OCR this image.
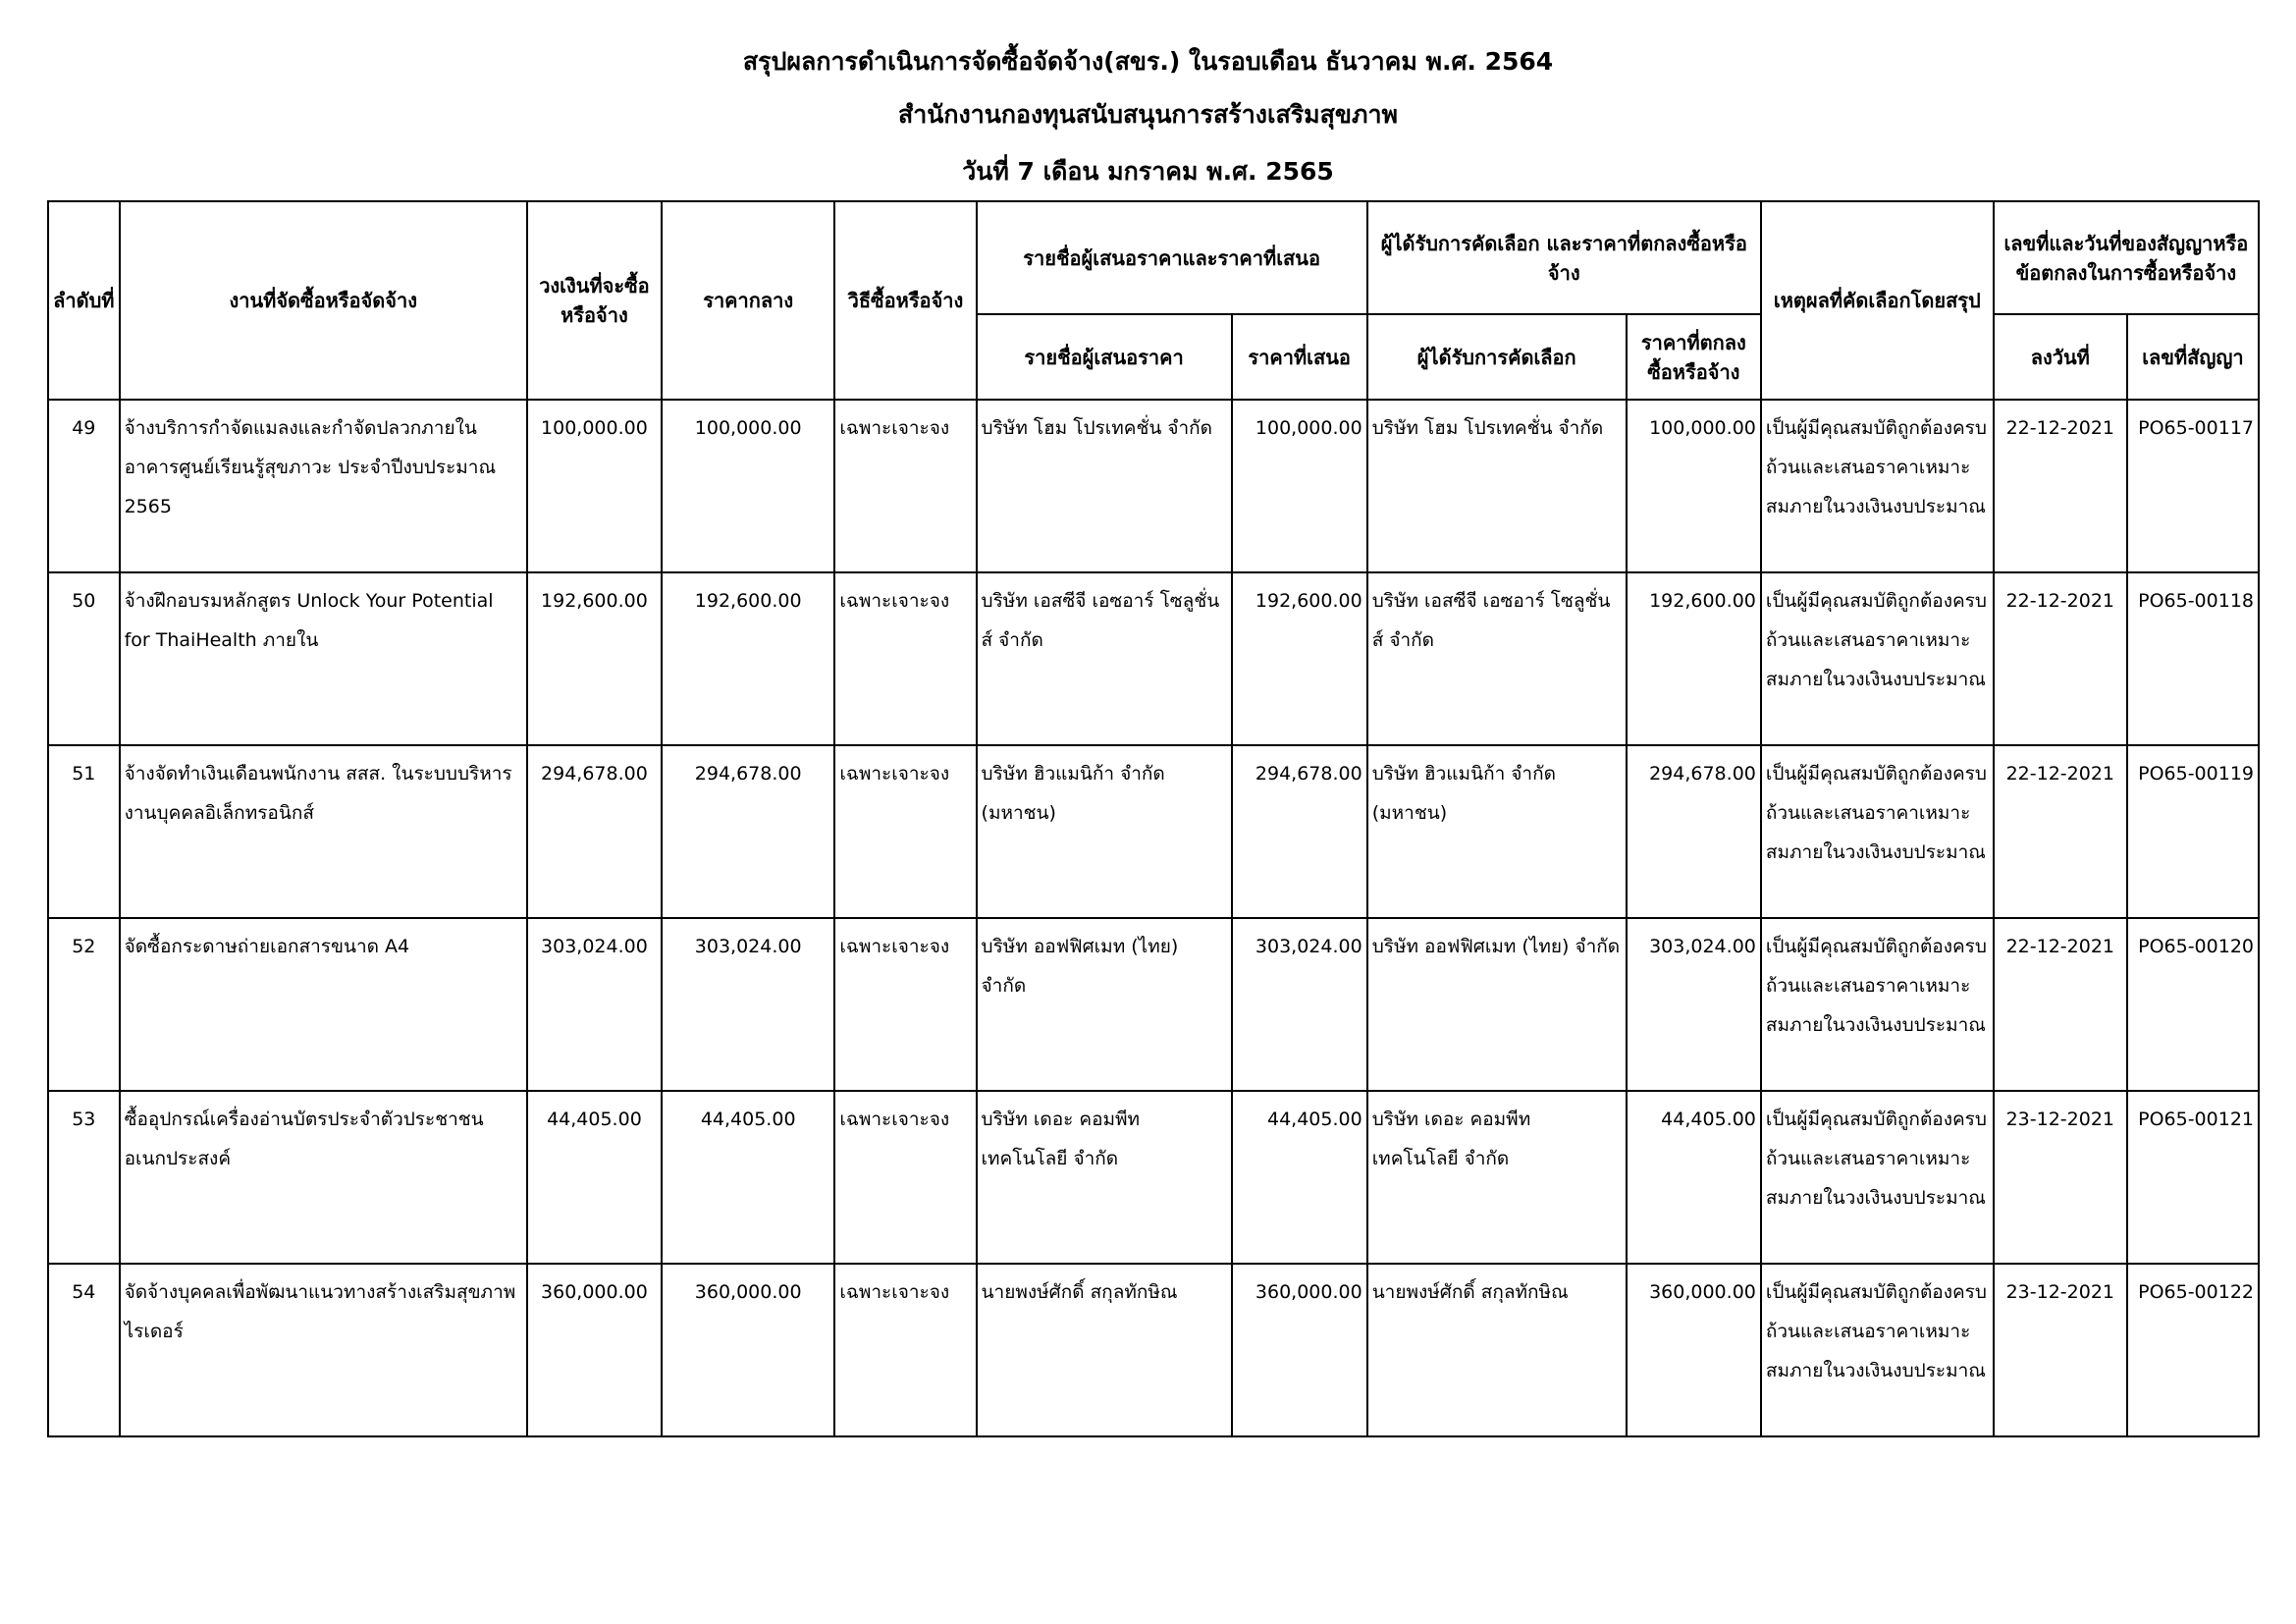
สรุปผลการดำเนินการจัดซื้อจัดจ้าง(สขร.) ในรอบเดือน ธันวาคม พ.ศ. 2564
สำนักงานกองทุนสนับสนุนการสร้างเสริมสุขภาพ
วันที่ 7 เดือน มกราคม พ.ศ. 2565
ลำดับที่	งานที่จัดซื้อหรือจัดจ้าง	วงเงินที่จะซื้อหรือจ้าง	ราคากลาง	วิธีซื้อหรือจ้าง	รายชื่อผู้เสนอราคาและราคาที่เสนอ		ผู้ได้รับการคัดเลือก และราคาที่ตกลงซื้อหรือจ้าง		เหตุผลที่คัดเลือกโดยสรุป	เลขที่และวันที่ของสัญญาหรือข้อตกลงในการซื้อหรือจ้าง	
					รายชื่อผู้เสนอราคา	ราคาที่เสนอ	ผู้ได้รับการคัดเลือก	ราคาที่ตกลงซื้อหรือจ้าง		ลงวันที่	เลขที่สัญญา
49	จ้างบริการกำจัดแมลงและกำจัดปลวกภายในอาคารศูนย์เรียนรู้สุขภาวะ ประจำปีงบประมาณ 2565	100,000.00	100,000.00	เฉพาะเจาะจง	บริษัท โฮม โปรเทคชั่น จำกัด	100,000.00	บริษัท โฮม โปรเทคชั่น จำกัด	100,000.00	เป็นผู้มีคุณสมบัติถูกต้องครบถ้วนและเสนอราคาเหมาะสมภายในวงเงินงบประมาณ	22-12-2021	PO65-00117
50	จ้างฝึกอบรมหลักสูตร Unlock Your Potential for ThaiHealth ภายใน	192,600.00	192,600.00	เฉพาะเจาะจง	บริษัท เอสซีจี เอซอาร์ โซลูชั่นส์ จำกัด	192,600.00	บริษัท เอสซีจี เอซอาร์ โซลูชั่นส์ จำกัด	192,600.00	เป็นผู้มีคุณสมบัติถูกต้องครบถ้วนและเสนอราคาเหมาะสมภายในวงเงินงบประมาณ	22-12-2021	PO65-00118
51	จ้างจัดทำเงินเดือนพนักงาน สสส. ในระบบบริหารงานบุคคลอิเล็กทรอนิกส์	294,678.00	294,678.00	เฉพาะเจาะจง	บริษัท ฮิวแมนิก้า จำกัด (มหาชน)	294,678.00	บริษัท ฮิวแมนิก้า จำกัด (มหาชน)	294,678.00	เป็นผู้มีคุณสมบัติถูกต้องครบถ้วนและเสนอราคาเหมาะสมภายในวงเงินงบประมาณ	22-12-2021	PO65-00119
52	จัดซื้อกระดาษถ่ายเอกสารขนาด A4	303,024.00	303,024.00	เฉพาะเจาะจง	บริษัท ออฟฟิศเมท (ไทย) จำกัด	303,024.00	บริษัท ออฟฟิศเมท (ไทย) จำกัด	303,024.00	เป็นผู้มีคุณสมบัติถูกต้องครบถ้วนและเสนอราคาเหมาะสมภายในวงเงินงบประมาณ	22-12-2021	PO65-00120
53	ซื้ออุปกรณ์เครื่องอ่านบัตรประจำตัวประชาชนอเนกประสงค์	44,405.00	44,405.00	เฉพาะเจาะจง	บริษัท เดอะ คอมพีท เทคโนโลยี จำกัด	44,405.00	บริษัท เดอะ คอมพีท เทคโนโลยี จำกัด	44,405.00	เป็นผู้มีคุณสมบัติถูกต้องครบถ้วนและเสนอราคาเหมาะสมภายในวงเงินงบประมาณ	23-12-2021	PO65-00121
54	จัดจ้างบุคคลเพื่อพัฒนาแนวทางสร้างเสริมสุขภาพไรเดอร์	360,000.00	360,000.00	เฉพาะเจาะจง	นายพงษ์ศักดิ์ สกุลทักษิณ	360,000.00	นายพงษ์ศักดิ์ สกุลทักษิณ	360,000.00	เป็นผู้มีคุณสมบัติถูกต้องครบถ้วนและเสนอราคาเหมาะสมภายในวงเงินงบประมาณ	23-12-2021	PO65-00122
